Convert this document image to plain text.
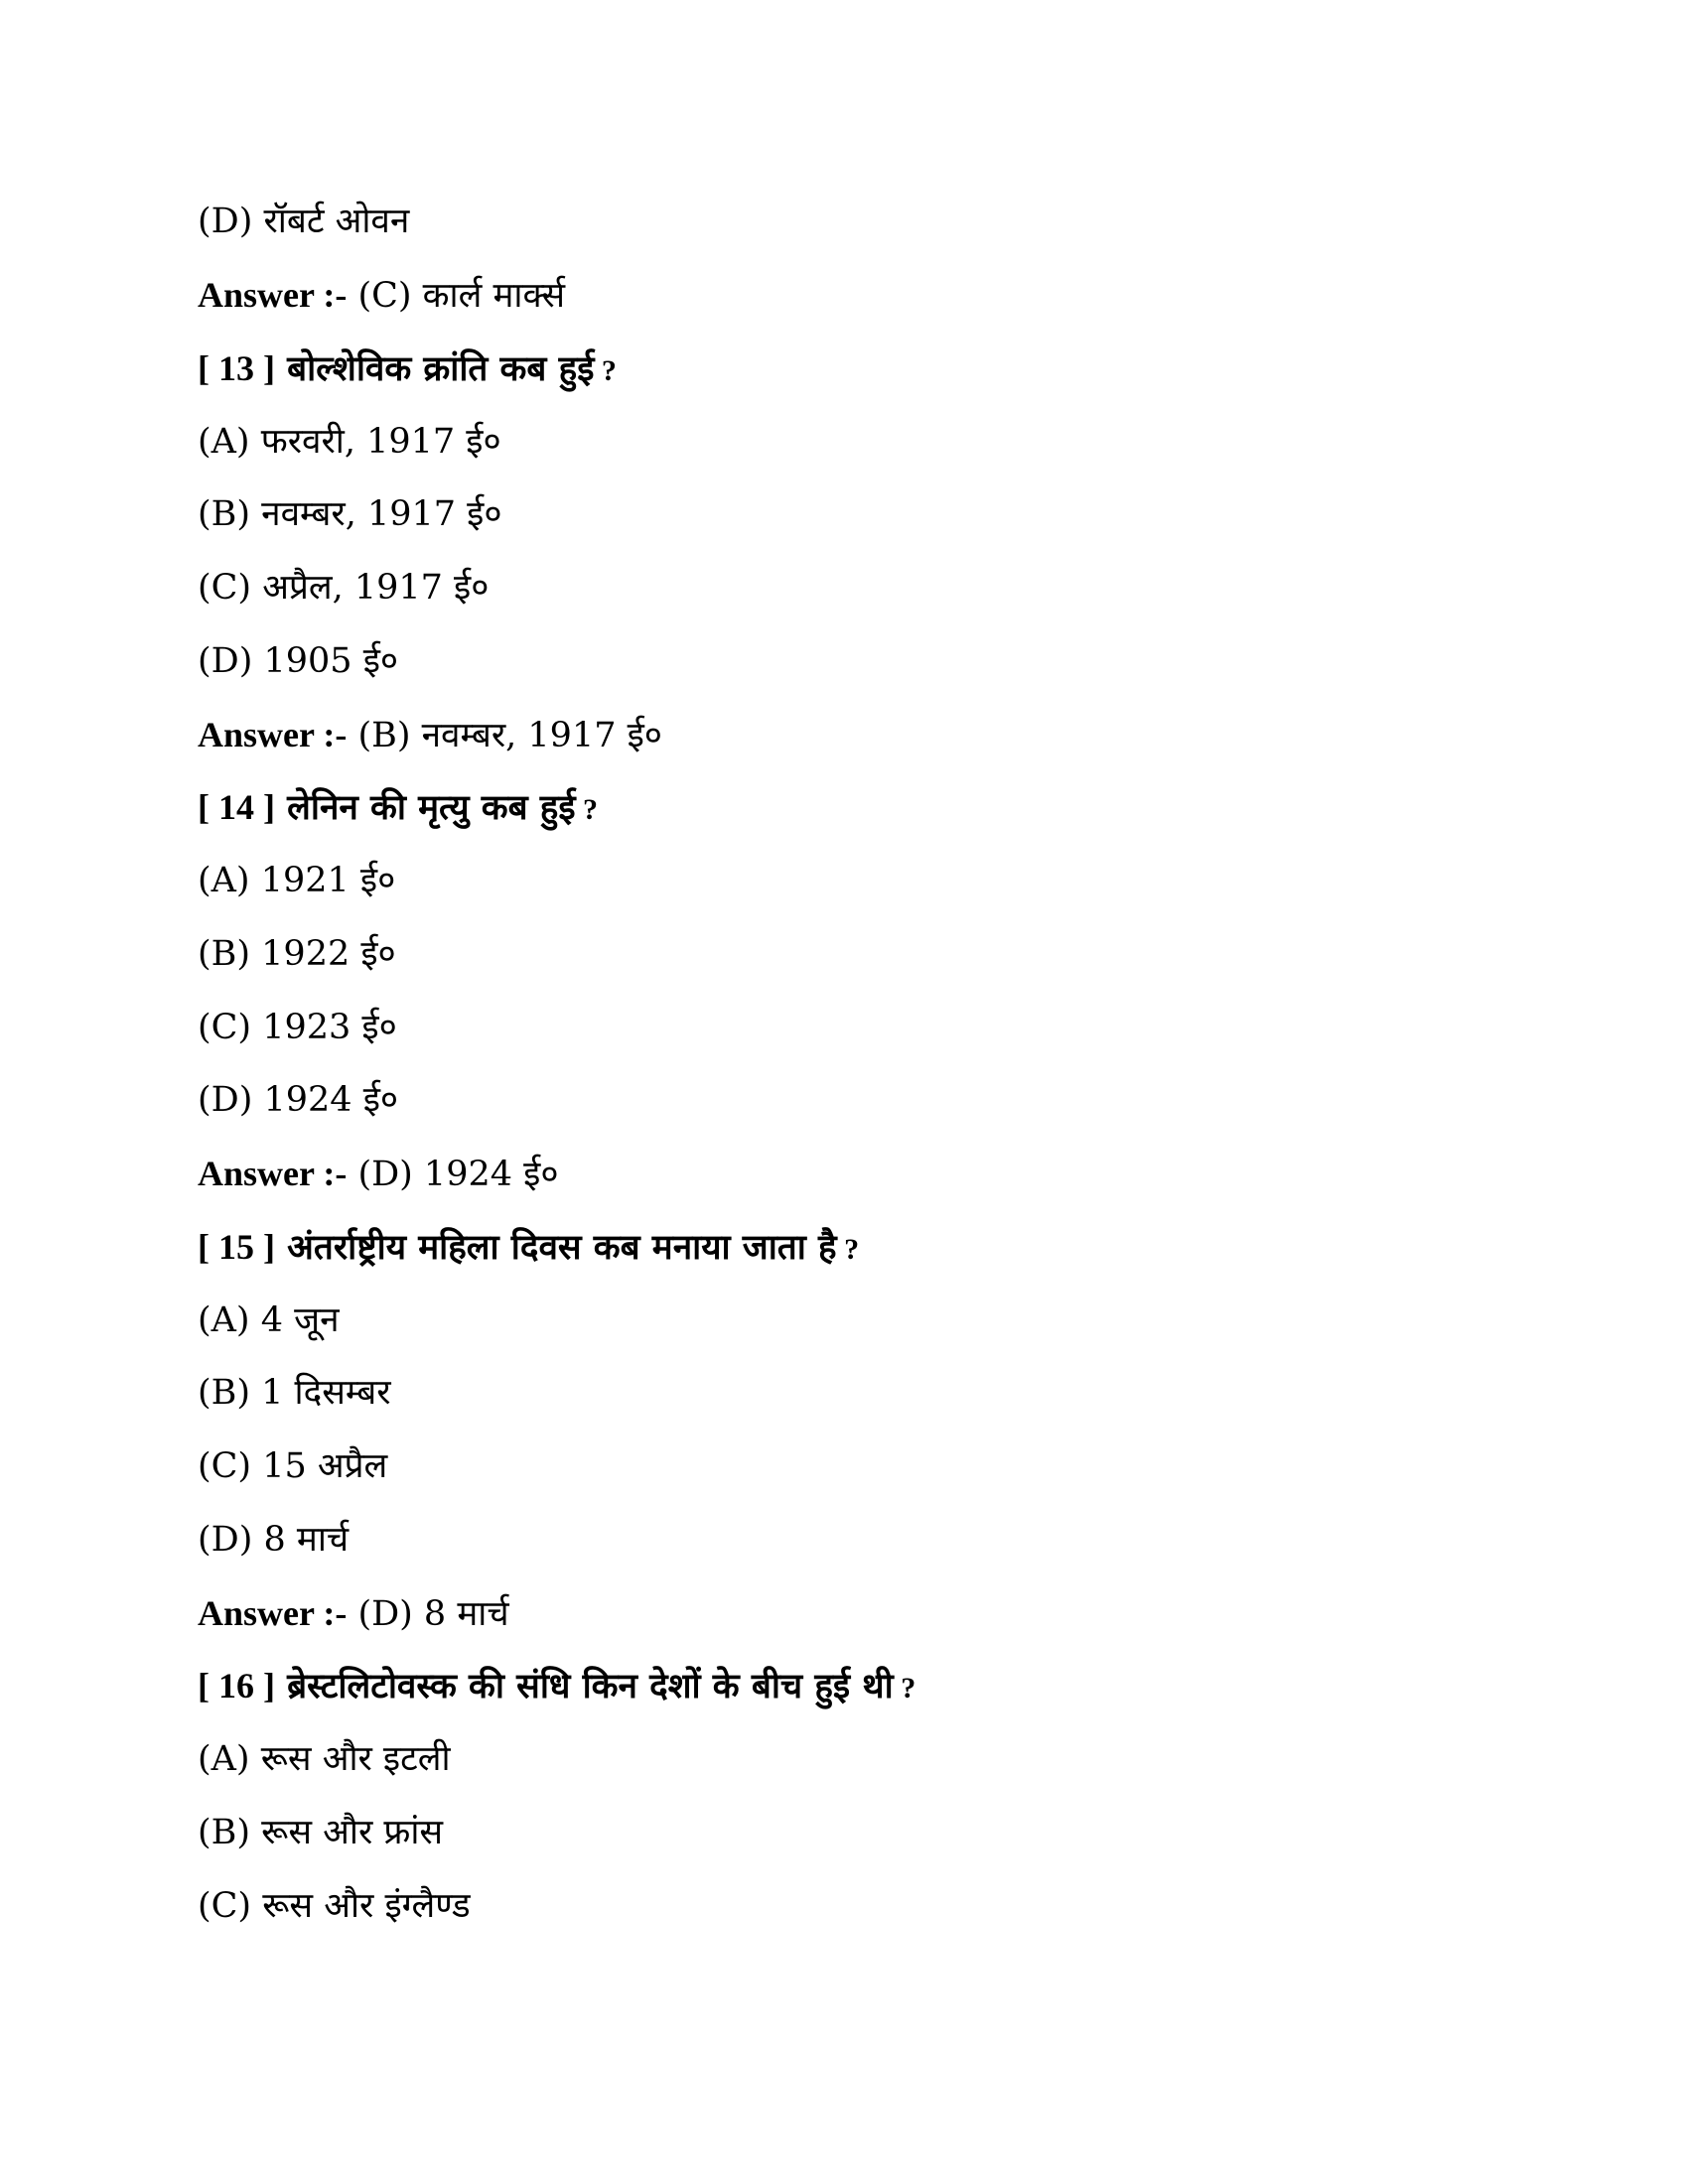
(D) रॉबर्ट ओवन
Answer :- (C) कार्ल मार्क्स
[ 13 ] बोल्शेविक क्रांति कब हुई ?
(A) फरवरी, 1917 ई०
(B) नवम्बर, 1917 ई०
(C) अप्रैल, 1917 ई०
(D) 1905 ई०
Answer :- (B) नवम्बर, 1917 ई०
[ 14 ] लेनिन की मृत्यु कब हुई ?
(A) 1921 ई०
(B) 1922 ई०
(C) 1923 ई०
(D) 1924 ई०
Answer :- (D) 1924 ई०
[ 15 ] अंतर्राष्ट्रीय महिला दिवस कब मनाया जाता है ?
(A) 4 जून
(B) 1 दिसम्बर
(C) 15 अप्रैल
(D) 8 मार्च
Answer :- (D) 8 मार्च
[ 16 ] ब्रेस्टलिटोवस्क की संधि किन देशों के बीच हुई थी ?
(A) रूस और इटली
(B) रूस और फ्रांस
(C) रूस और इंग्लैण्ड
